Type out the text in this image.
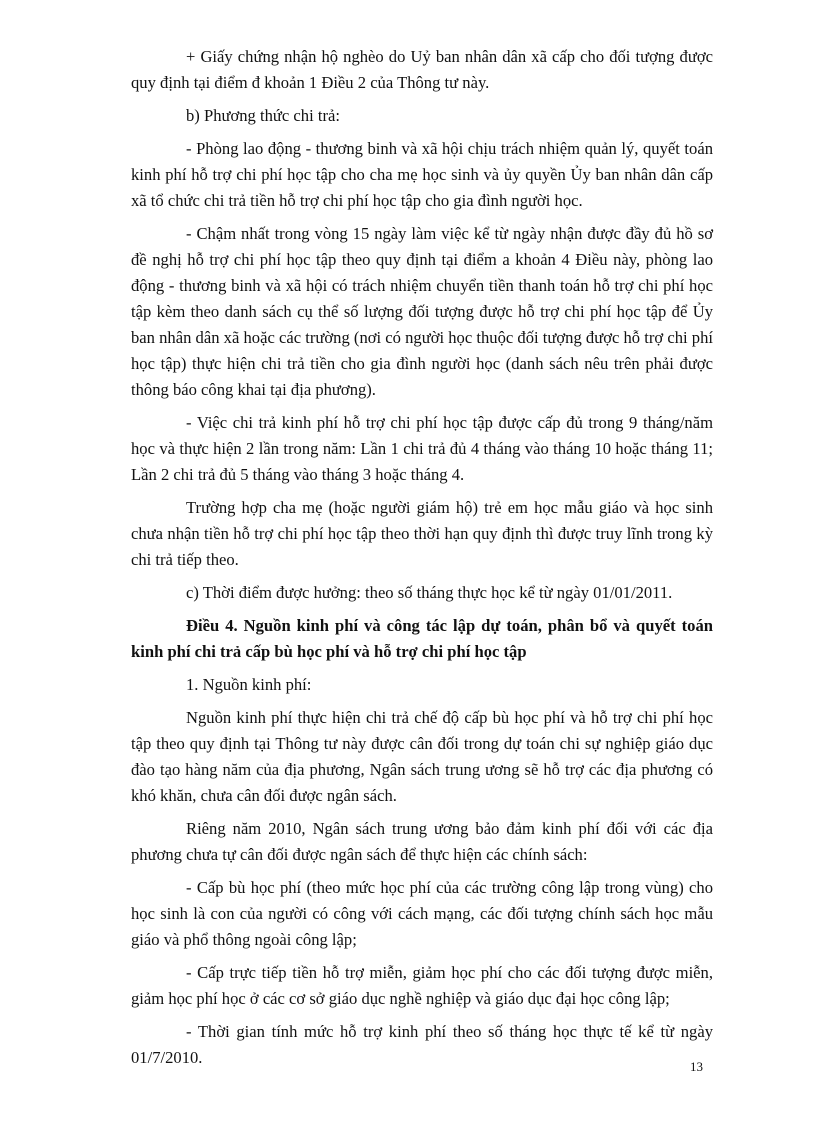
+ Giấy chứng nhận hộ nghèo do Uỷ ban nhân dân xã cấp cho đối tượng được quy định tại điểm đ khoản 1 Điều 2 của Thông tư này.

b) Phương thức chi trả:

- Phòng lao động - thương binh và xã hội chịu trách nhiệm quản lý, quyết toán kinh phí hỗ trợ chi phí học tập cho cha mẹ học sinh và ủy quyền Ủy ban nhân dân cấp xã tổ chức chi trả tiền hỗ trợ chi phí học tập cho gia đình người học.

- Chậm nhất trong vòng 15 ngày làm việc kể từ ngày nhận được đầy đủ hồ sơ đề nghị hỗ trợ chi phí học tập theo quy định tại điểm a khoản 4 Điều này, phòng lao động - thương binh và xã hội có trách nhiệm chuyển tiền thanh toán hỗ trợ chi phí học tập kèm theo danh sách cụ thể số lượng đối tượng được hỗ trợ chi phí học tập để Ủy ban nhân dân xã hoặc các trường (nơi có người học thuộc đối tượng được hỗ trợ chi phí học tập) thực hiện chi trả tiền cho gia đình người học (danh sách nêu trên phải được thông báo công khai tại địa phương).

- Việc chi trả kinh phí hỗ trợ chi phí học tập được cấp đủ trong 9 tháng/năm học và thực hiện 2 lần trong năm: Lần 1 chi trả đủ 4 tháng vào tháng 10 hoặc tháng 11; Lần 2 chi trả đủ 5 tháng vào tháng 3 hoặc tháng 4.

Trường hợp cha mẹ (hoặc người giám hộ) trẻ em học mẫu giáo và học sinh chưa nhận tiền hỗ trợ chi phí học tập theo thời hạn quy định thì được truy lĩnh trong kỳ chi trả tiếp theo.

c) Thời điểm được hưởng: theo số tháng thực học kể từ ngày 01/01/2011.

Điều 4. Nguồn kinh phí và công tác lập dự toán, phân bổ và quyết toán kinh phí chi trả cấp bù học phí và hỗ trợ chi phí học tập

1. Nguồn kinh phí:

Nguồn kinh phí thực hiện chi trả chế độ cấp bù học phí và hỗ trợ chi phí học tập theo quy định tại Thông tư này được cân đối trong dự toán chi sự nghiệp giáo dục đào tạo hàng năm của địa phương, Ngân sách trung ương sẽ hỗ trợ các địa phương có khó khăn, chưa cân đối được ngân sách.

Riêng năm 2010, Ngân sách trung ương bảo đảm kinh phí đối với các địa phương chưa tự cân đối được ngân sách để thực hiện các chính sách:

- Cấp bù học phí (theo mức học phí của các trường công lập trong vùng) cho học sinh là con của người có công với cách mạng, các đối tượng chính sách học mẫu giáo và phổ thông ngoài công lập;

- Cấp trực tiếp tiền hỗ trợ miễn, giảm học phí cho các đối tượng được miễn, giảm học phí học ở các cơ sở giáo dục nghề nghiệp và giáo dục đại học công lập;

- Thời gian tính mức hỗ trợ kinh phí theo số tháng học thực tế kể từ ngày 01/7/2010.	13
